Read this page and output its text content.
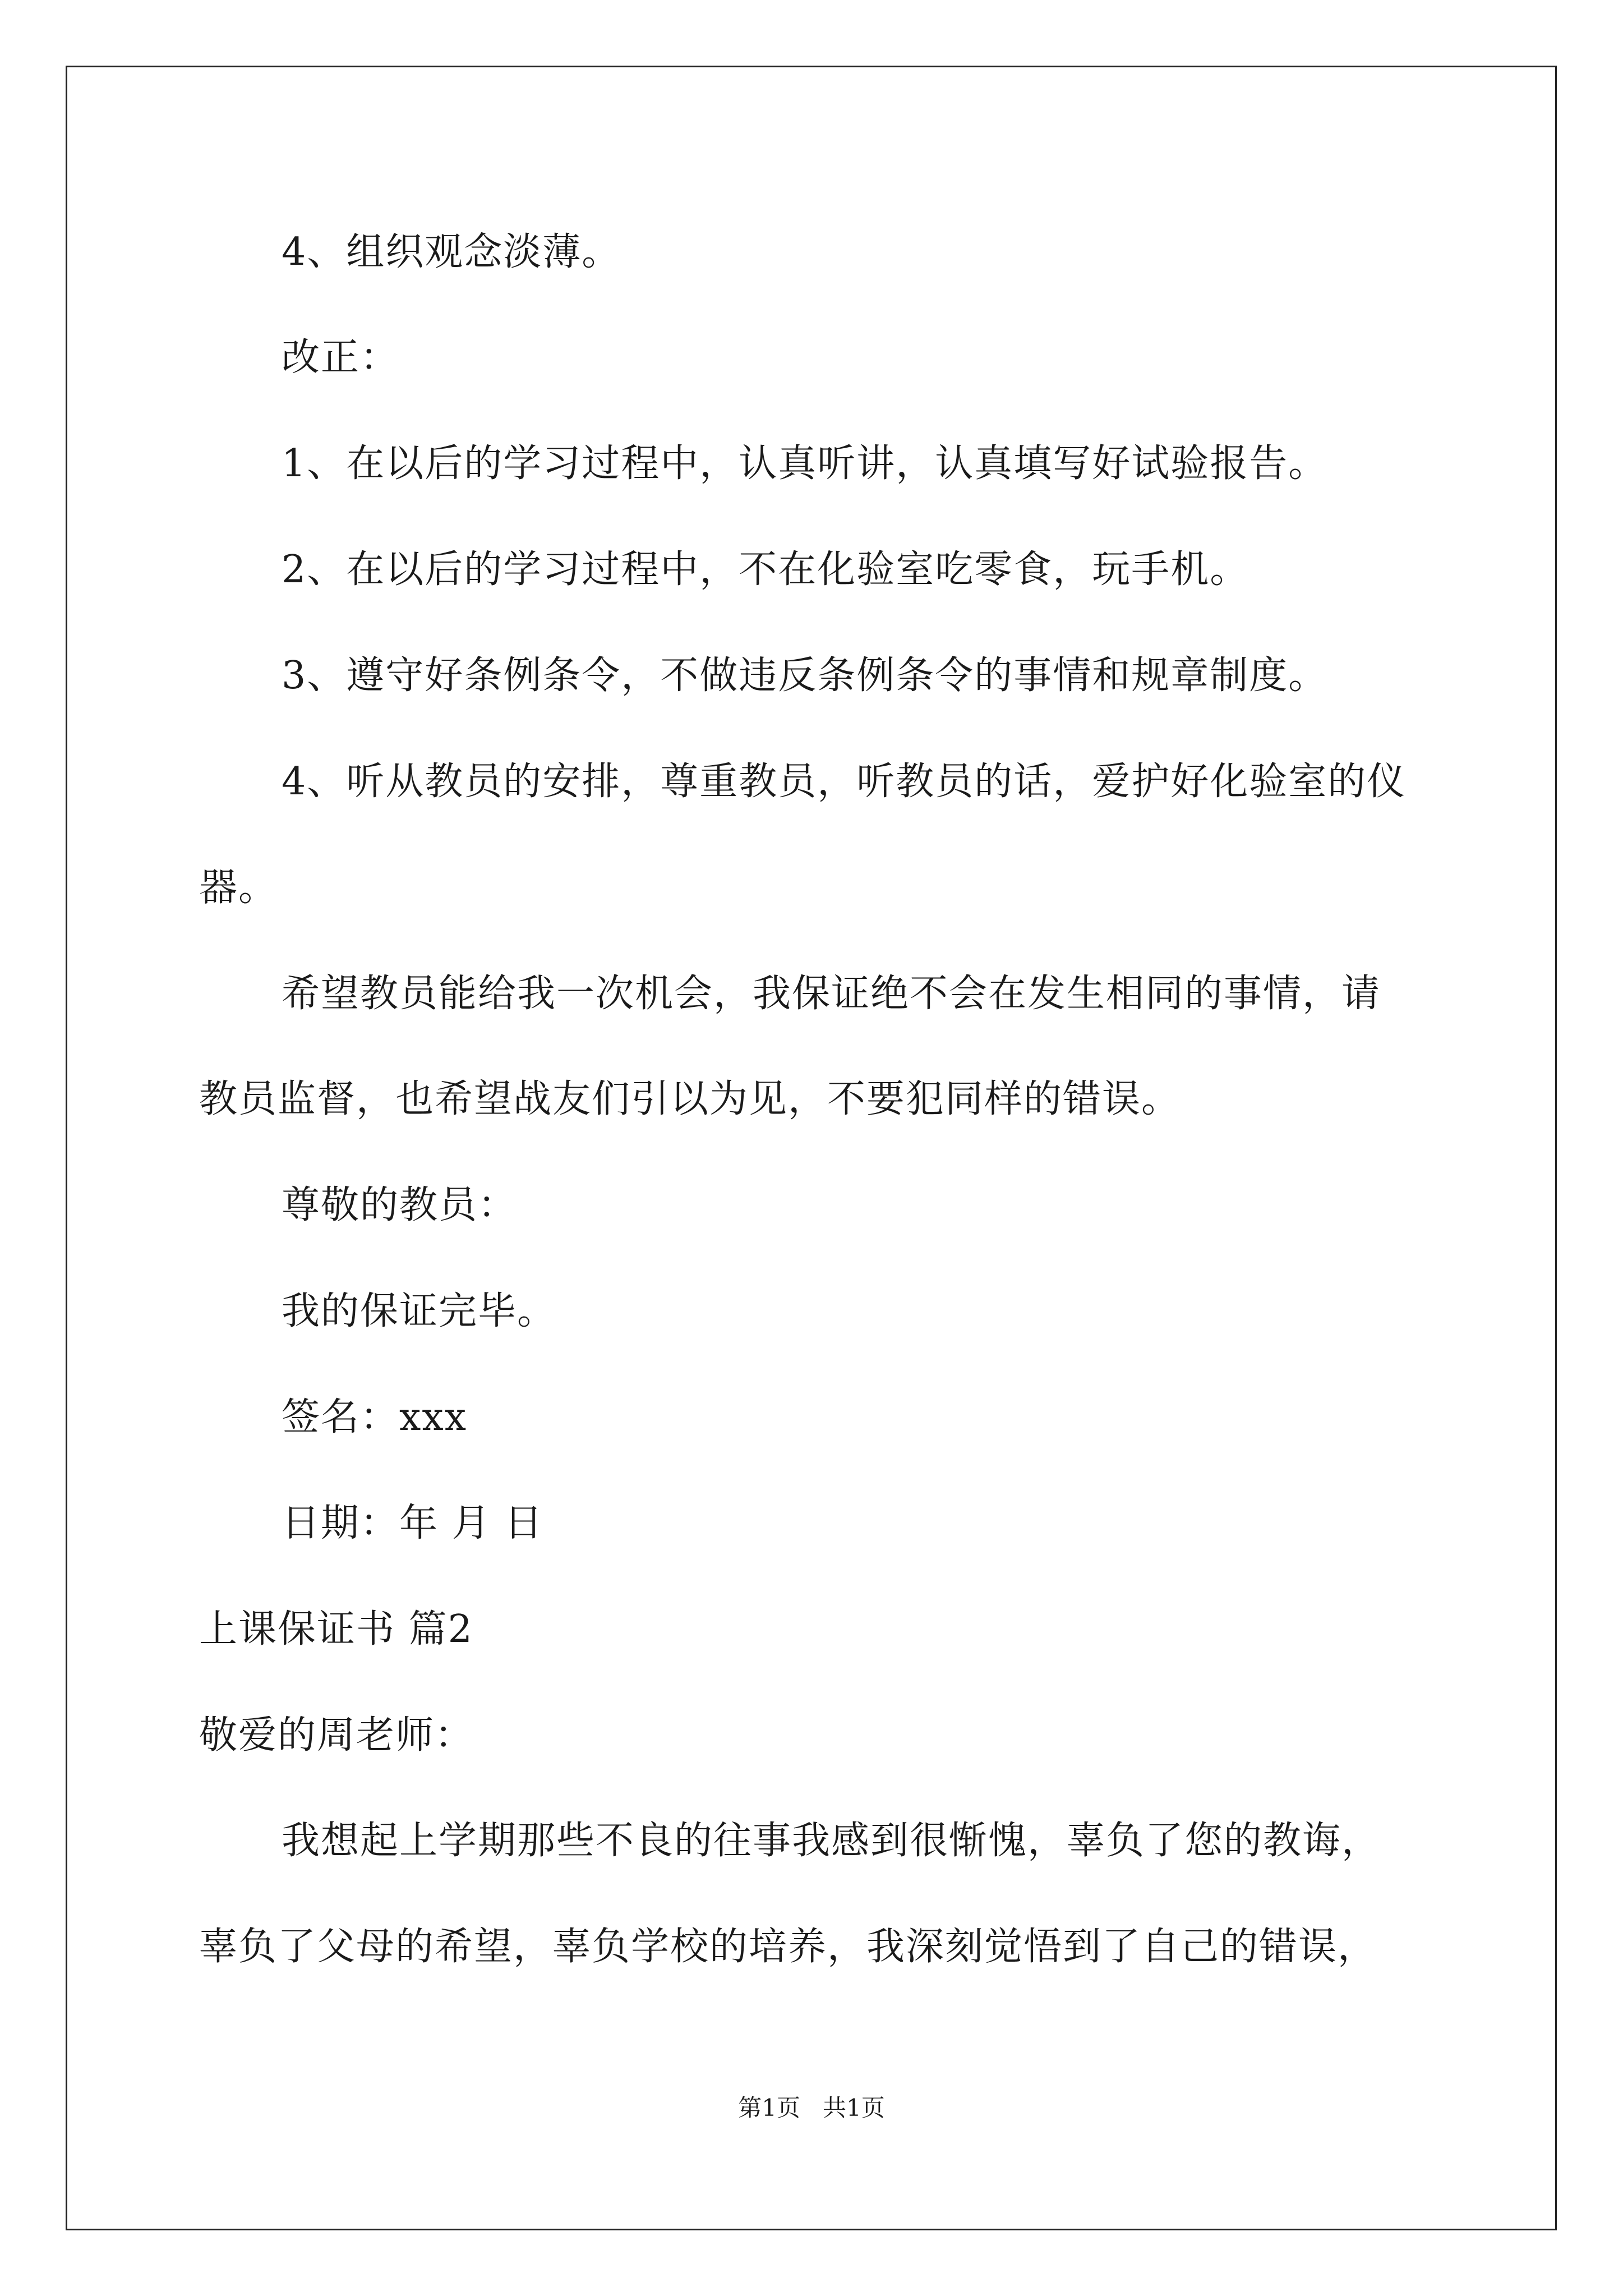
4、组织观念淡薄。
改正：
1、在以后的学习过程中，认真听讲，认真填写好试验报告。
2、在以后的学习过程中，不在化验室吃零食，玩手机。
3、遵守好条例条令，不做违反条例条令的事情和规章制度。
4、听从教员的安排，尊重教员，听教员的话，爱护好化验室的仪
器。
希望教员能给我一次机会，我保证绝不会在发生相同的事情，请
教员监督，也希望战友们引以为见，不要犯同样的错误。
尊敬的教员：
我的保证完毕。
签名：xxx
日期：年 月 日
上课保证书 篇2
敬爱的周老师：
我想起上学期那些不良的往事我感到很惭愧，辜负了您的教诲，
辜负了父母的希望，辜负学校的培养，我深刻觉悟到了自己的错误，
第1页   共1页
